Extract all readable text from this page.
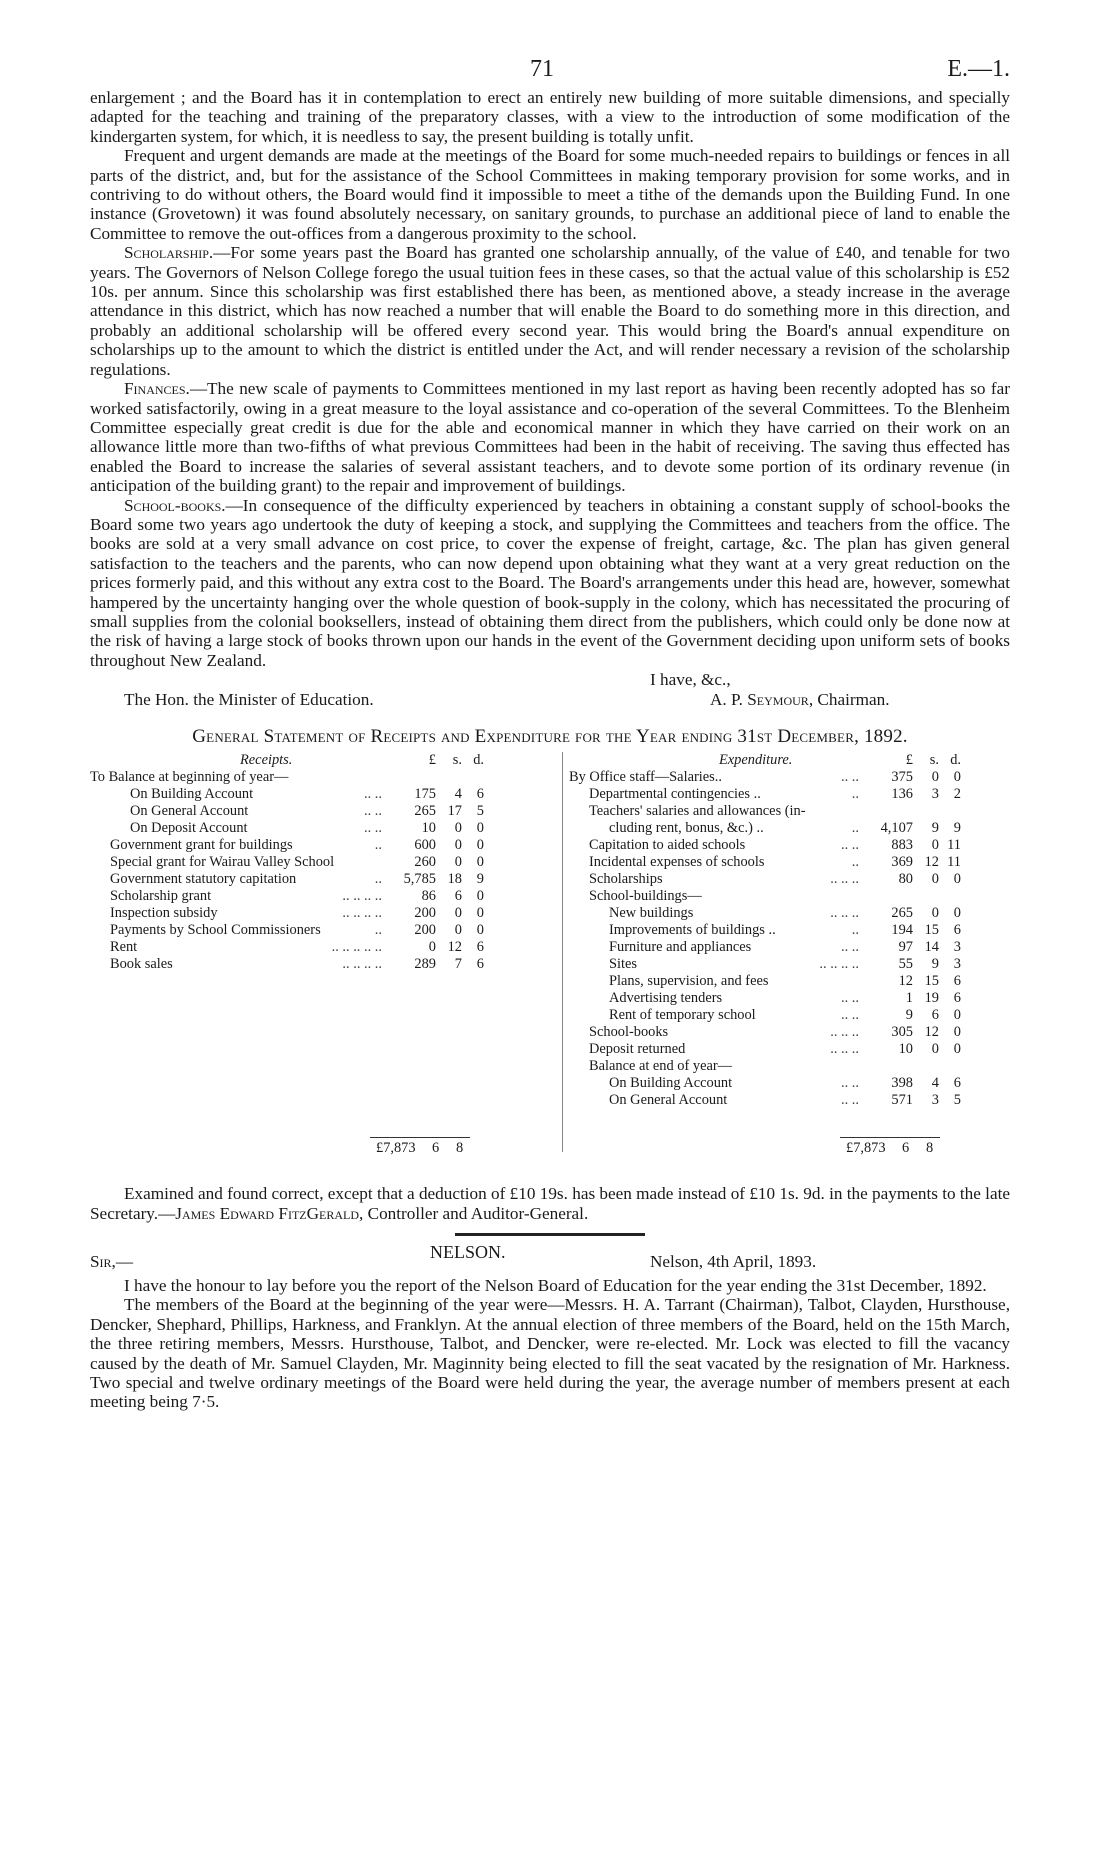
71	E.—1.

enlargement ; and the Board has it in contemplation to erect an entirely new building of more suitable dimensions, and specially adapted for the teaching and training of the preparatory classes, with a view to the introduction of some modification of the kindergarten system, for which, it is needless to say, the present building is totally unfit.

Frequent and urgent demands are made at the meetings of the Board for some much-needed repairs to buildings or fences in all parts of the district, and, but for the assistance of the School Committees in making temporary provision for some works, and in contriving to do without others, the Board would find it impossible to meet a tithe of the demands upon the Building Fund. In one instance (Grovetown) it was found absolutely necessary, on sanitary grounds, to purchase an additional piece of land to enable the Committee to remove the out-offices from a dangerous proximity to the school.

Scholarship.—For some years past the Board has granted one scholarship annually, of the value of £40, and tenable for two years. The Governors of Nelson College forego the usual tuition fees in these cases, so that the actual value of this scholarship is £52 10s. per annum. Since this scholarship was first established there has been, as mentioned above, a steady increase in the average attendance in this district, which has now reached a number that will enable the Board to do something more in this direction, and probably an additional scholarship will be offered every second year. This would bring the Board's annual expenditure on scholarships up to the amount to which the district is entitled under the Act, and will render necessary a revision of the scholarship regulations.

Finances.—The new scale of payments to Committees mentioned in my last report as having been recently adopted has so far worked satisfactorily, owing in a great measure to the loyal assistance and co-operation of the several Committees. To the Blenheim Committee especially great credit is due for the able and economical manner in which they have carried on their work on an allowance little more than two-fifths of what previous Committees had been in the habit of receiving. The saving thus effected has enabled the Board to increase the salaries of several assistant teachers, and to devote some portion of its ordinary revenue (in anticipation of the building grant) to the repair and improvement of buildings.

School-books.—In consequence of the difficulty experienced by teachers in obtaining a constant supply of school-books the Board some two years ago undertook the duty of keeping a stock, and supplying the Committees and teachers from the office. The books are sold at a very small advance on cost price, to cover the expense of freight, cartage, &c. The plan has given general satisfaction to the teachers and the parents, who can now depend upon obtaining what they want at a very great reduction on the prices formerly paid, and this without any extra cost to the Board. The Board's arrangements under this head are, however, somewhat hampered by the uncertainty hanging over the whole question of book-supply in the colony, which has necessitated the procuring of small supplies from the colonial booksellers, instead of obtaining them direct from the publishers, which could only be done now at the risk of having a large stock of books thrown upon our hands in the event of the Government deciding upon uniform sets of books throughout New Zealand.

I have, &c.,
The Hon. the Minister of Education.	A. P. Seymour, Chairman.
General Statement of Receipts and Expenditure for the Year ending 31st December, 1892.
Receipts.	£	s. d.
To Balance at beginning of year—
On Building Account	.. ..	175	4	6
On General Account	.. ..	265 17	5
On Deposit Account	.. ..	10	0	0
Government grant for buildings	..	600	0	0
Special grant for Wairau Valley School	260	0	0
Government statutory capitation	..	5,785 18	9
Scholarship grant	.. .. .. ..	86	6	0
Inspection subsidy	.. .. .. ..	200	0	0
Payments by School Commissioners	..	200	0	0
Rent	.. .. .. .. ..	0 12	6
Book sales	.. .. .. ..	289	7	6
Expenditure.	£	s. d.
By Office staff—Salaries..	.. ..	375	0	0
Departmental contingencies ..	..	136	3	2
Teachers' salaries and allowances (in-
cluding rent, bonus, &c.) ..	..	4,107	9	9
Capitation to aided schools	.. ..	883	0 11
Incidental expenses of schools	..	369 12 11
Scholarships	.. .. ..	80	0	0
School-buildings—
New buildings	.. .. ..	265	0	0
Improvements of buildings ..	..	194 15	6
Furniture and appliances	.. ..	97 14	3
Sites	.. .. .. ..	55	9	3
Plans, supervision, and fees	12 15	6
Advertising tenders	.. ..	1 19	6
Rent of temporary school	.. ..	9	6	0
School-books	.. .. ..	305 12	0
Deposit returned	.. .. ..	10	0	0
Balance at end of year—
On Building Account	.. ..	398	4	6
On General Account	.. ..	571	3	5
£7,873 6 8	£7,873 6 8

Examined and found correct, except that a deduction of £10 19s. has been made instead of £10 1s. 9d. in the payments to the late Secretary.—James Edward FitzGerald, Controller and Auditor-General.

Sir,—	NELSON.	Nelson, 4th April, 1893.

I have the honour to lay before you the report of the Nelson Board of Education for the year ending the 31st December, 1892.

The members of the Board at the beginning of the year were—Messrs. H. A. Tarrant (Chairman), Talbot, Clayden, Hursthouse, Dencker, Shephard, Phillips, Harkness, and Franklyn. At the annual election of three members of the Board, held on the 15th March, the three retiring members, Messrs. Hursthouse, Talbot, and Dencker, were re-elected. Mr. Lock was elected to fill the vacancy caused by the death of Mr. Samuel Clayden, Mr. Maginnity being elected to fill the seat vacated by the resignation of Mr. Harkness. Two special and twelve ordinary meetings of the Board were held during the year, the average number of members present at each meeting being 7·5.
